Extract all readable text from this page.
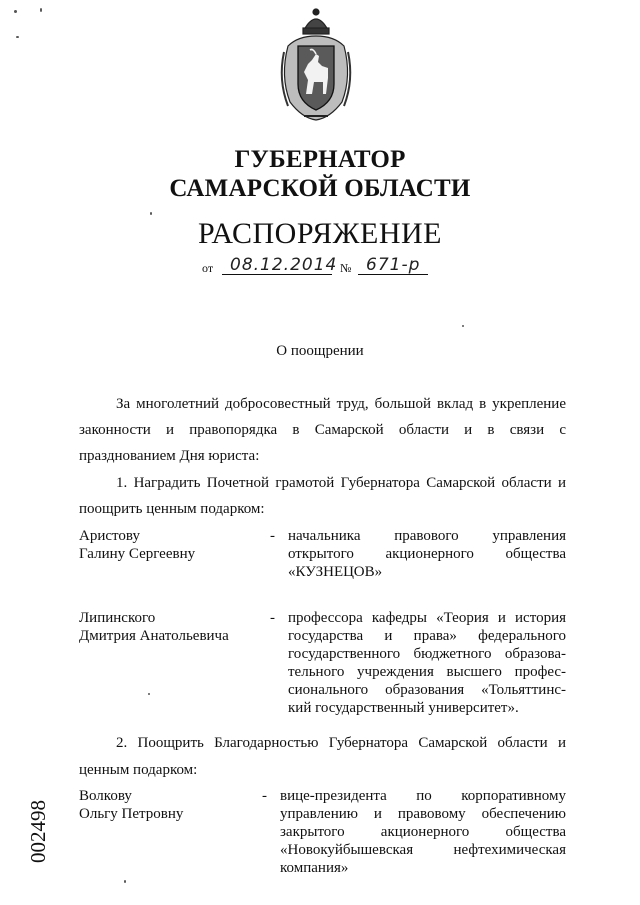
ГУБЕРНАТОР
САМАРСКОЙ ОБЛАСТИ
РАСПОРЯЖЕНИЕ
от 08.12.2014 № 671-р
О поощрении
За многолетний добросовестный труд, большой вклад в укрепление
законности и правопорядка в Самарской области и в связи с
празднованием Дня юриста:
1. Наградить Почетной грамотой Губернатора Самарской области и
поощрить ценным подарком:
Аристову
Галину Сергеевну
- начальника правового управления
открытого акционерного общества
«КУЗНЕЦОВ»
Липинского
Дмитрия Анатольевича
- профессора кафедры «Теория и история
государства и права» федерального
государственного бюджетного образова-
тельного учреждения высшего профес-
сионального образования «Тольяттинс-
кий государственный университет».
2. Поощрить Благодарностью Губернатора Самарской области и
ценным подарком:
Волкову
Ольгу Петровну
- вице-президента по корпоративному
управлению и правовому обеспечению
закрытого акционерного общества
«Новокуйбышевская нефтехимическая
компания»
002498
